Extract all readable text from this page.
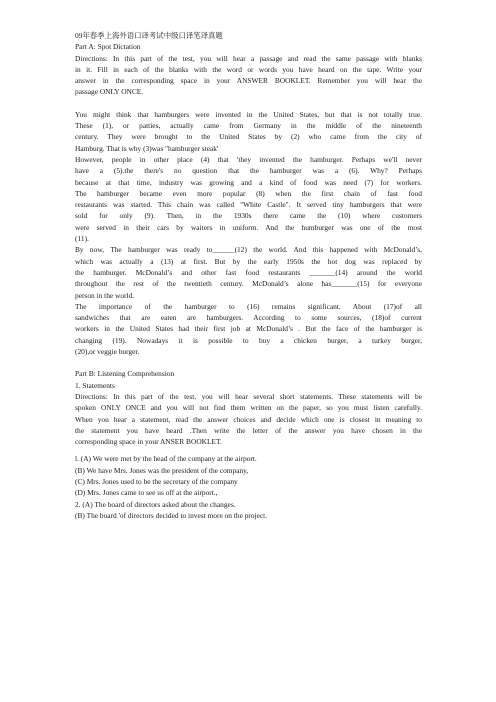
09年春季上海外语口译考试中级口译笔译真题

Part A: Spot Dictation

Directions: In this part of the test, you will hear a passage and read the same passage with blanks

in it. Fill in each of the blanks with the word or words you have heard on the tape. Write your

answer in the corresponding space in your ANSWER BOOKLET. Remember you will hear the

passage ONLY ONCE.

You might think that hamburgers were invented in the United States, but that is not totally true.

These (1), or patties, actually came from Germany in the middle of the nineteenth

century. They were brought to the United States by (2) who came from the city of

Hamburg. That is why (3)was "hamburger steak'

However, people in other place (4) that 'they invented the hamburger. Perhaps we'll never

have a (5).the there's no question that the hamburger was a (6). Why? Perhaps

because at that time, industry was growing and a kind of food was need (7) for workers.

The hamburger became even more popular (8) when the first chain of fast food

restaurants was started. This chain was called "White Castle". It served tiny hamburgers that were

sold for only (9). Then, in the 1930s there came the (10) where customers

were served in their cars by waiters in uniform. And the humburger was one of the most

(11).

By now, The hamburger was ready to______(12) the world. And this happened with McDonald’s,

which was actually a (13) at first. But by the early 1950s the hot dog was replaced by

the hamburger. McDonald’s and other fast food restaurants _______(14) around the world

throughout the rest of the twentieth century. McDonald’s alone has_______(15) for everyone

person in the world.

The importance of the hamburger to (16) remains significant. About (17)of all

sandwiches that are eaten are hamburgers. According to some sources, (18)of current

workers in the United States had their first job at McDonald’s . But the face of the hamburger is

changing (19). Nowadays it is possible to buy a chicken burger, a turkey burger,

(20),or veggie burger.

Part B: Listening Comprehension

1. Statements

Directions: In this part of the test, you will hear several short statements. These statements will be

spoken ONLY ONCE and you will not find them written on the paper, so you must listen carefully.

When you hear a statement, read the answer choices and decide which one is closest in meaning to

the statement you have heard .Then write the letter of the answer you have chosen in the

corresponding space in your ANSER BOOKLET.

l. (A) We were met by the head of the company at the airport.

(B) We have Mrs. Jones was the president of the company,

(C) Mrs. Jones used to be the secretary of the company

(D) Mrs. Jones came to see us off at the airport.,

2. (A) The board of directors asked about the changes.

(B) The board 'of directors decided to invest more on the project.
